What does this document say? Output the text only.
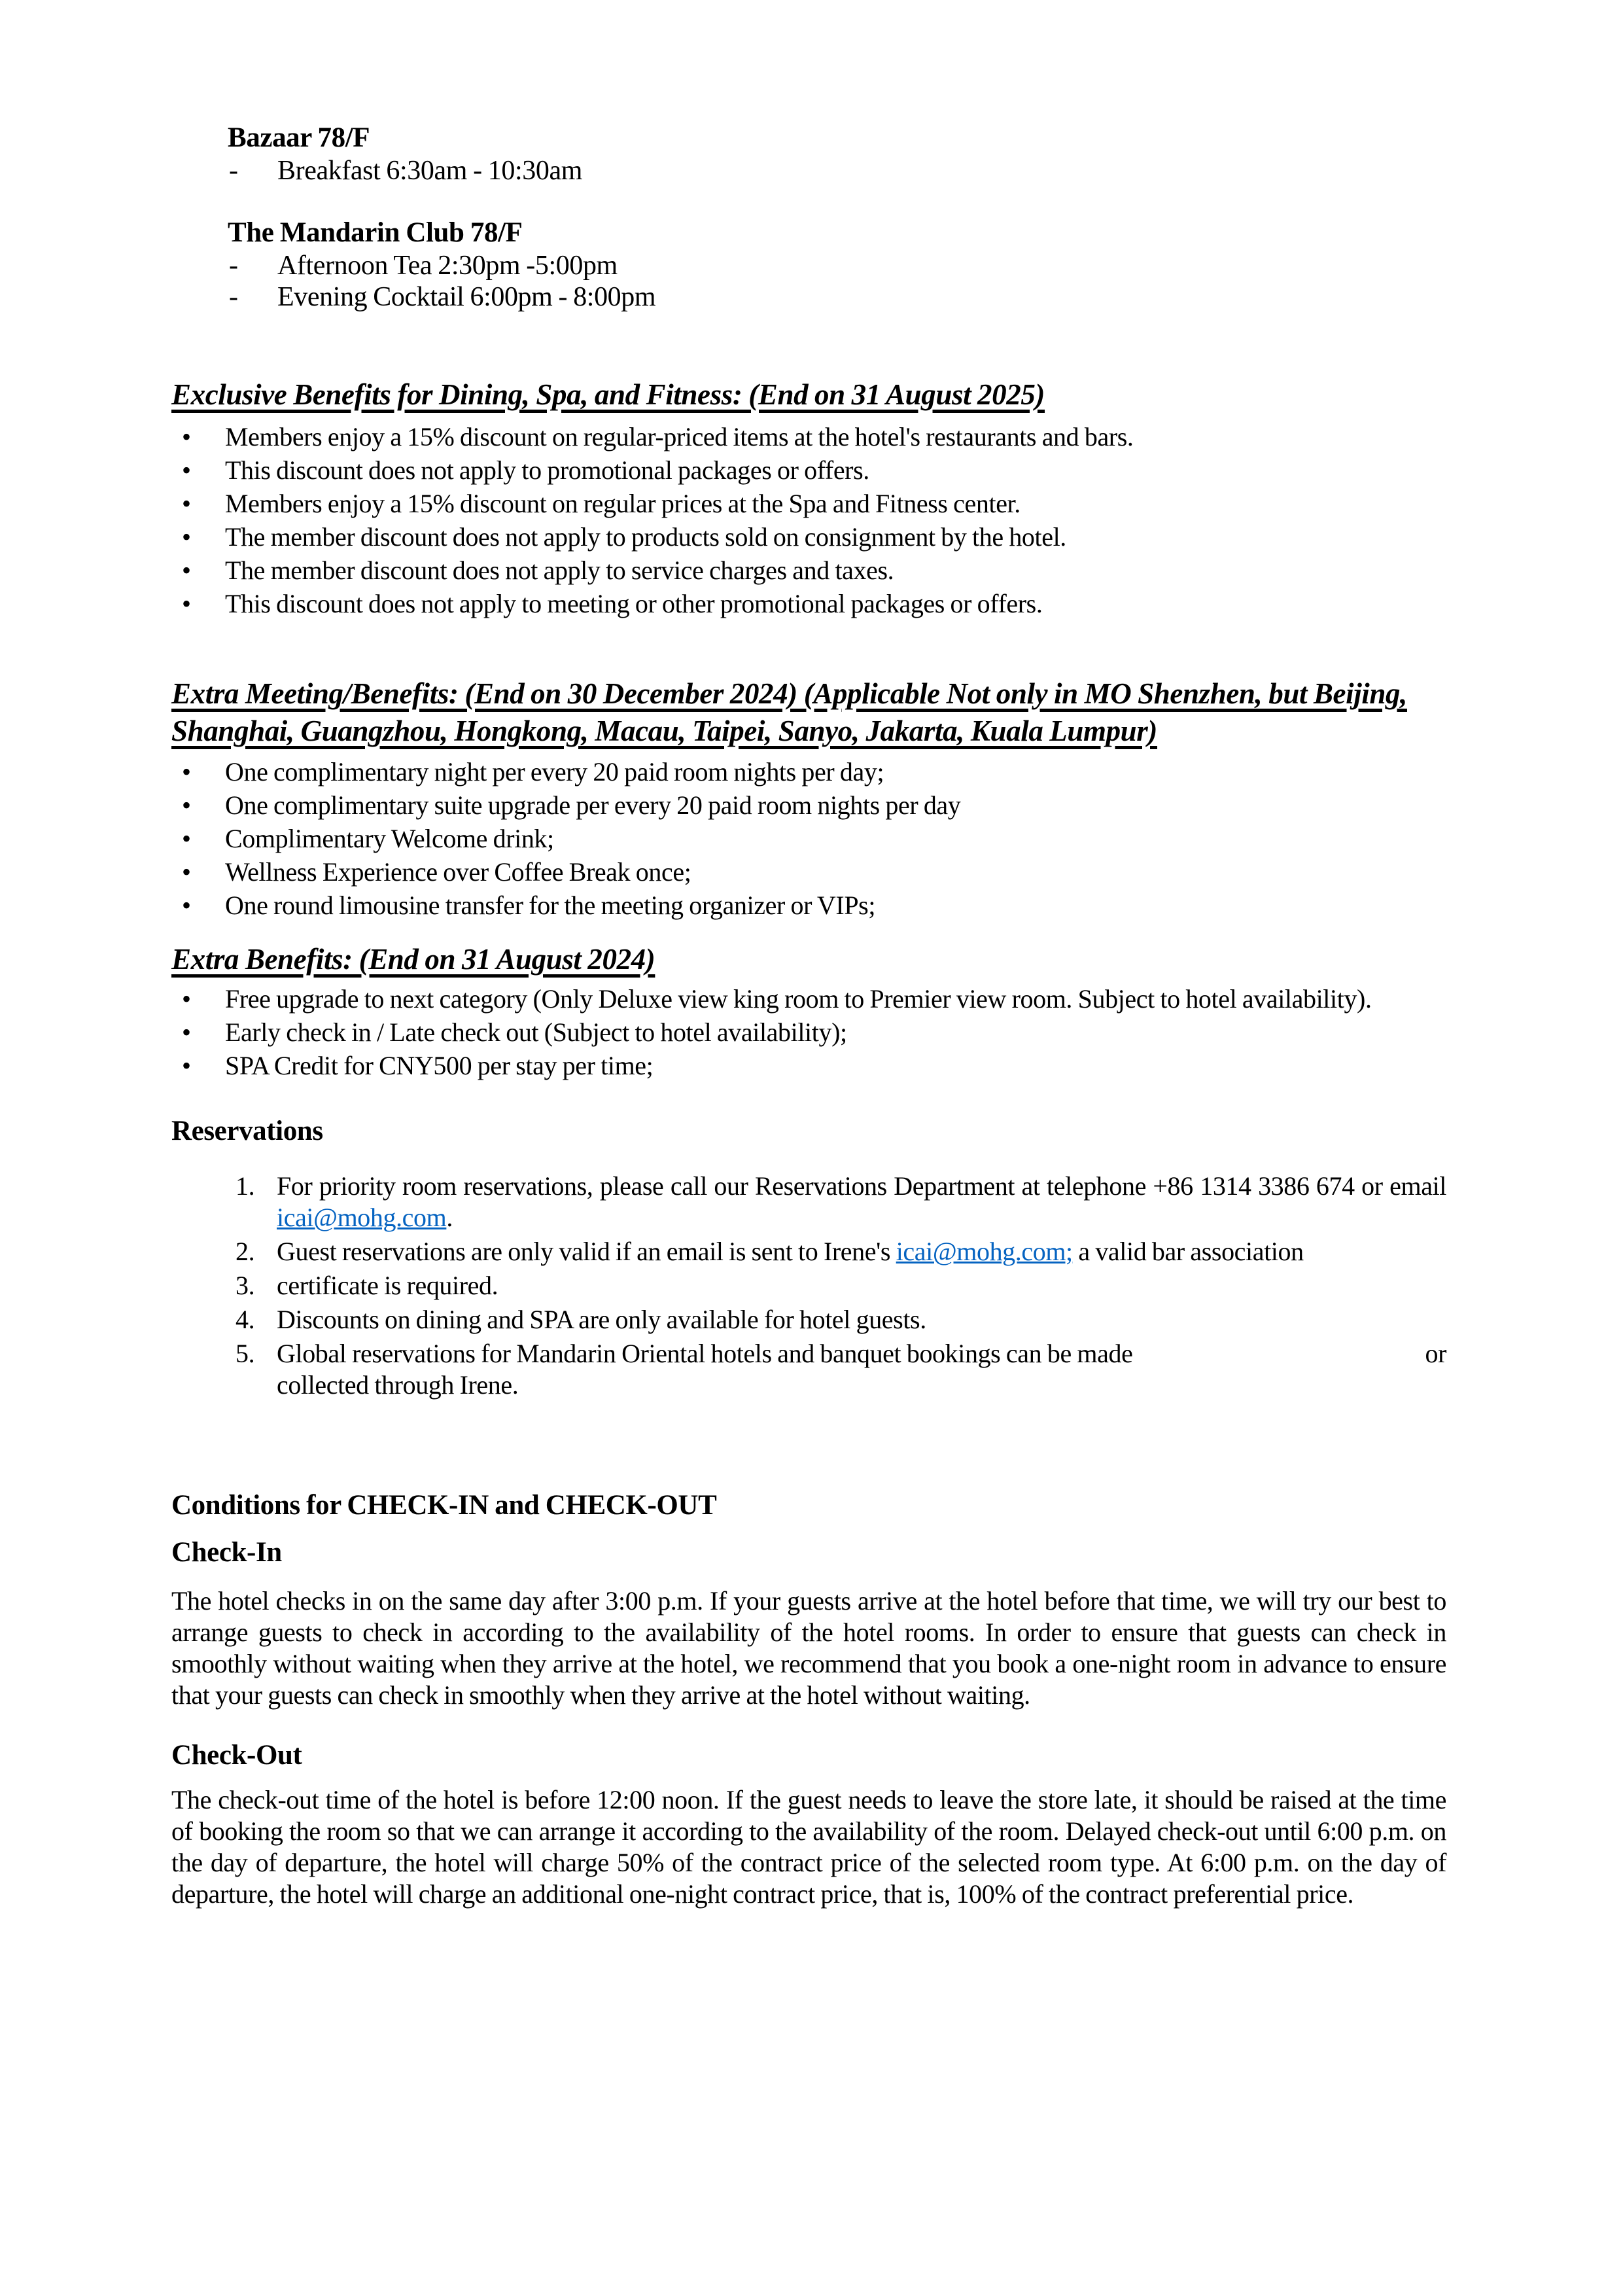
Bazaar 78/F

-	Breakfast 6:30am - 10:30am

The Mandarin Club 78/F

-	Afternoon Tea 2:30pm -5:00pm
-	Evening Cocktail 6:00pm - 8:00pm
Exclusive Benefits for Dining, Spa, and Fitness: (End on 31 August 2025)
•	Members enjoy a 15% discount on regular-priced items at the hotel's restaurants and bars.
•	This discount does not apply to promotional packages or offers.
•	Members enjoy a 15% discount on regular prices at the Spa and Fitness center.
•	The member discount does not apply to products sold on consignment by the hotel.
•	The member discount does not apply to service charges and taxes.
•	This discount does not apply to meeting or other promotional packages or offers.
Extra Meeting/Benefits: (End on 30 December 2024) (Applicable Not only in MO Shenzhen, but Beijing,
Shanghai, Guangzhou, Hongkong, Macau, Taipei, Sanyo, Jakarta, Kuala Lumpur)
•	One complimentary night per every 20 paid room nights per day;
•	One complimentary suite upgrade per every 20 paid room nights per day
•	Complimentary Welcome drink;
•	Wellness Experience over Coffee Break once;
•	One round limousine transfer for the meeting organizer or VIPs;
Extra Benefits: (End on 31 August 2024)
•	Free upgrade to next category (Only Deluxe view king room to Premier view room. Subject to hotel availability).
•	Early check in / Late check out (Subject to hotel availability);
•	SPA Credit for CNY500 per stay per time;

Reservations

1. For priority room reservations, please call our Reservations Department at telephone +86 1314 3386 674 or email icai@mohg.com.
2. Guest reservations are only valid if an email is sent to Irene's icai@mohg.com; a valid bar association
3. certificate is required.
4. Discounts on dining and SPA are only available for hotel guests.
5. Global reservations for Mandarin Oriental hotels and banquet bookings can be made	or
collected through Irene.

Conditions for CHECK-IN and CHECK-OUT

Check-In

The hotel checks in on the same day after 3:00 p.m. If your guests arrive at the hotel before that time, we will try our best to arrange guests to check in according to the availability of the hotel rooms. In order to ensure that guests can check in smoothly without waiting when they arrive at the hotel, we recommend that you book a one-night room in advance to ensure that your guests can check in smoothly when they arrive at the hotel without waiting.

Check-Out

The check-out time of the hotel is before 12:00 noon. If the guest needs to leave the store late, it should be raised at the time of booking the room so that we can arrange it according to the availability of the room. Delayed check-out until 6:00 p.m. on the day of departure, the hotel will charge 50% of the contract price of the selected room type. At 6:00 p.m. on the day of departure, the hotel will charge an additional one-night contract price, that is, 100% of the contract preferential price.
